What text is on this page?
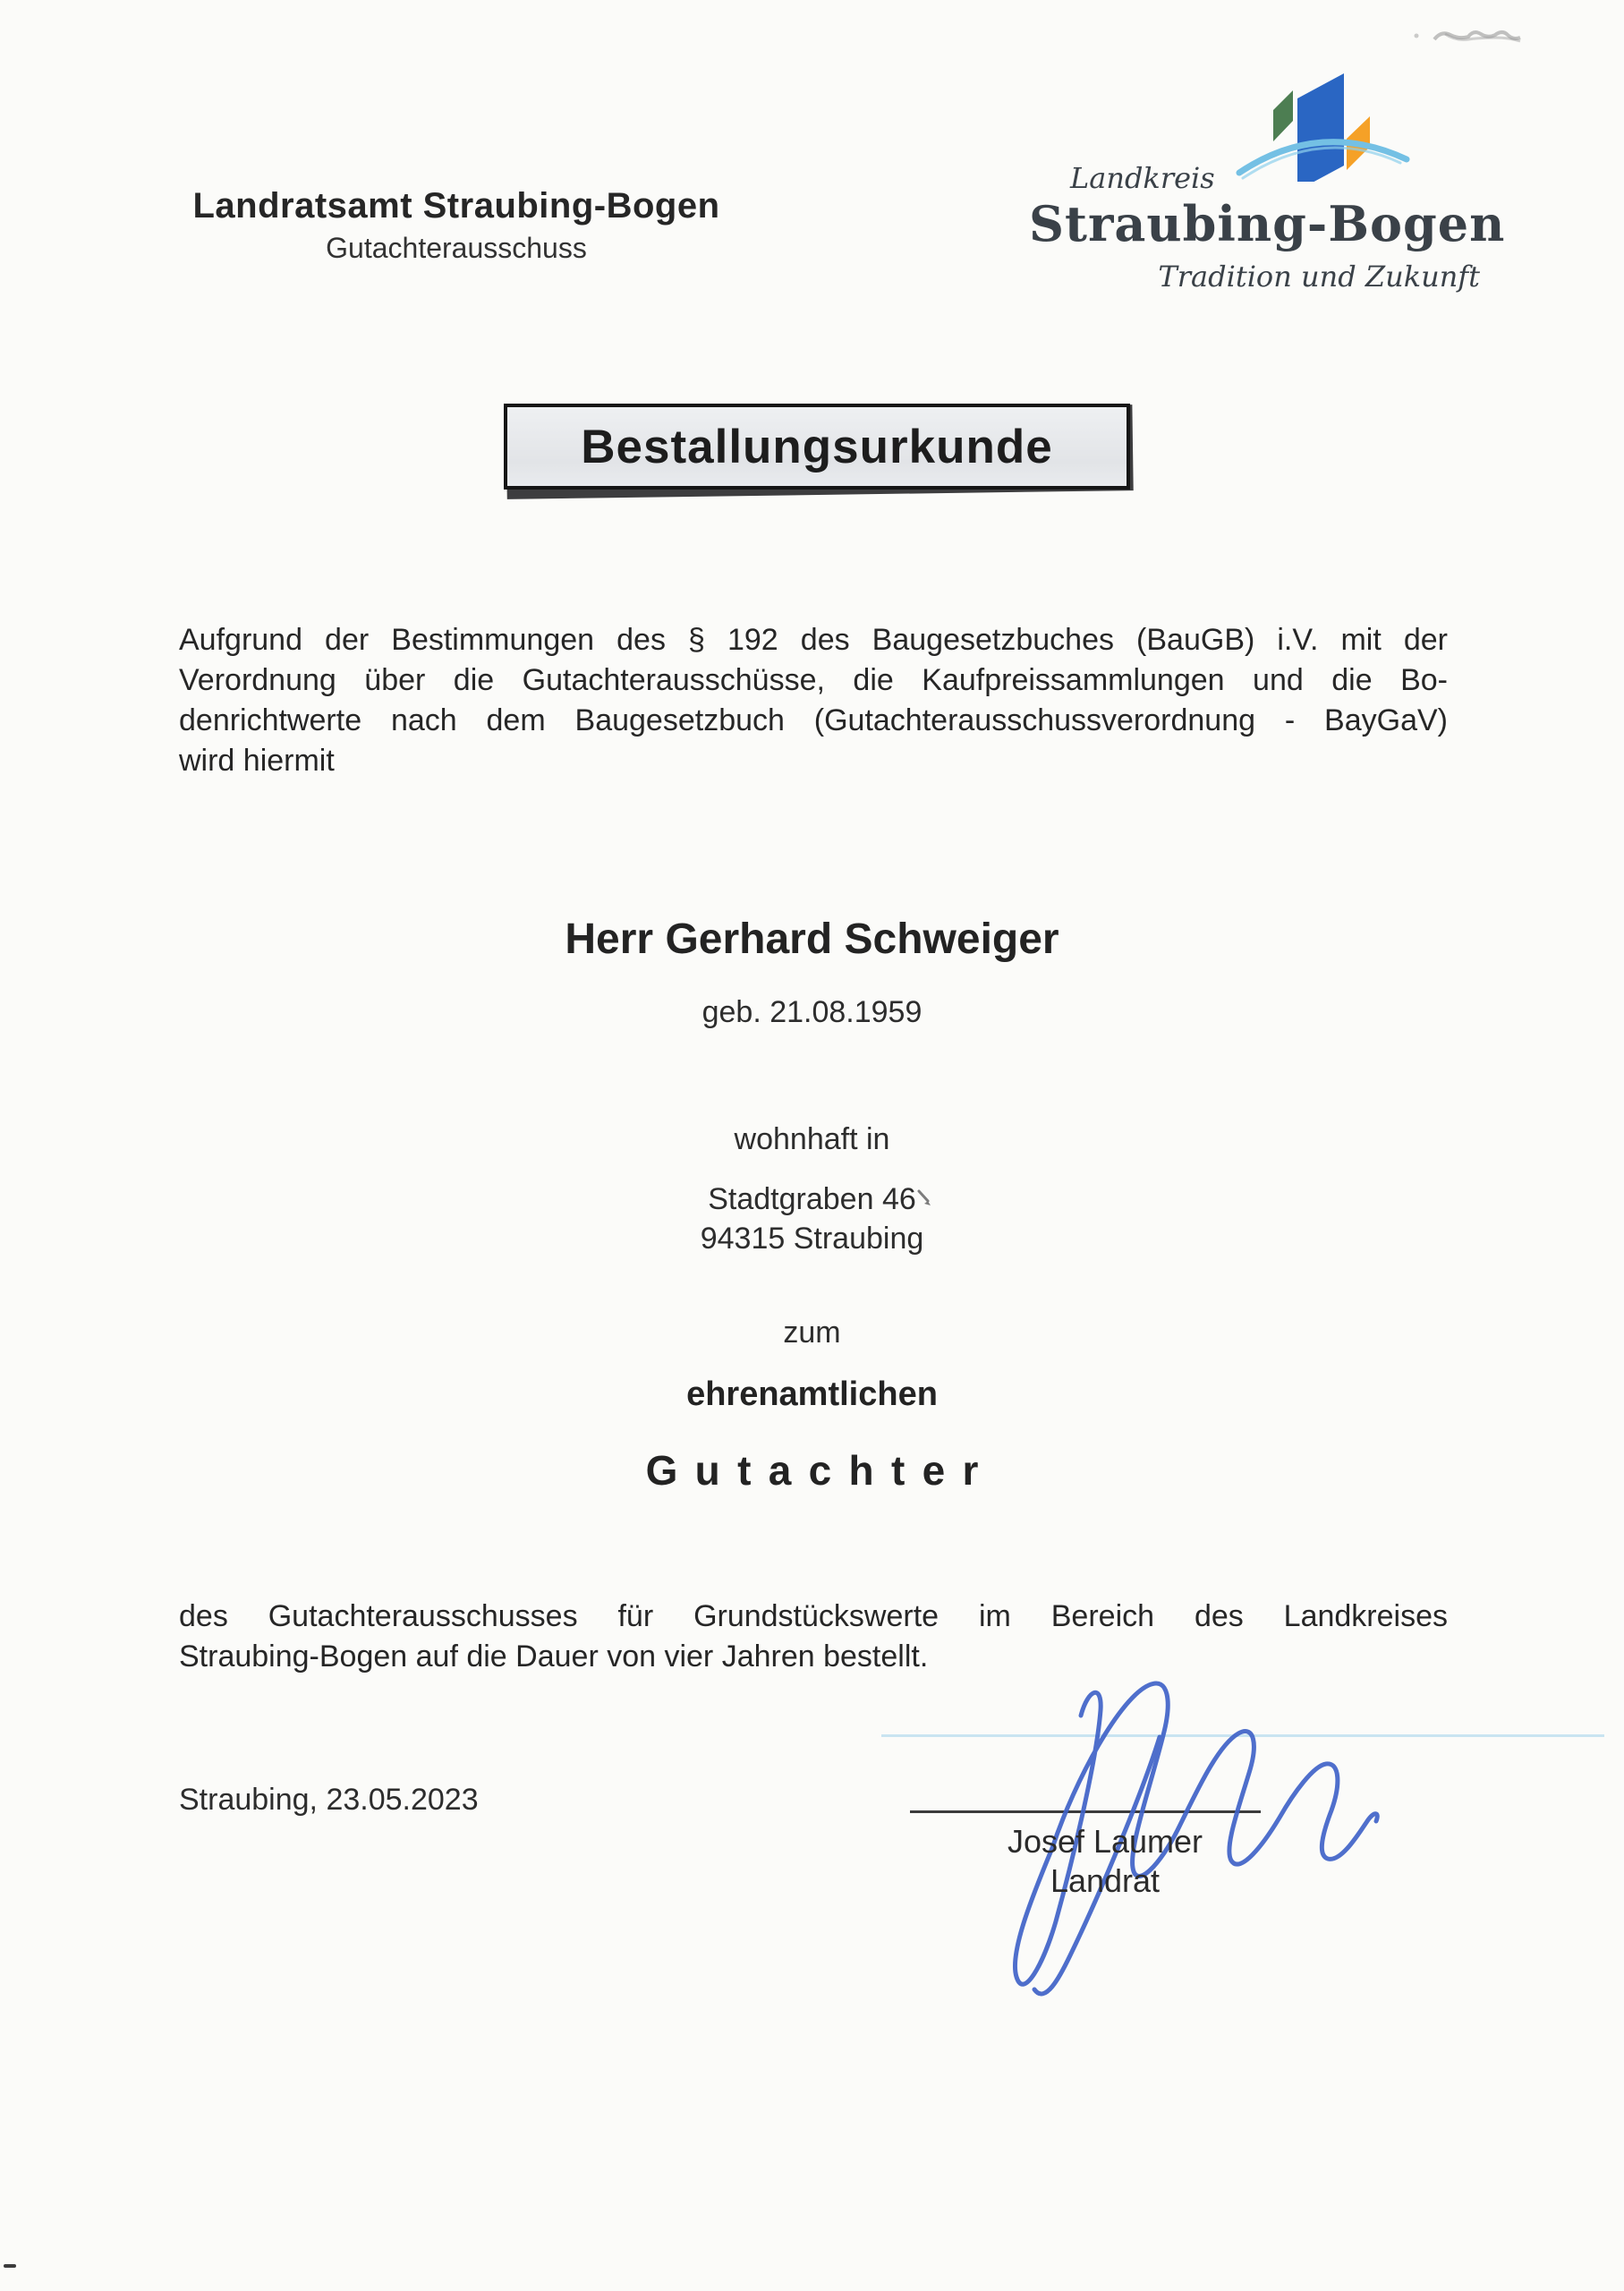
Landratsamt Straubing-Bogen
Gutachterausschuss
Landkreis
Straubing-Bogen
Tradition und Zukunft
Bestallungsurkunde
Aufgrund der Bestimmungen des § 192 des Baugesetzbuches (BauGB) i.V. mit der
Verordnung über die Gutachterausschüsse, die Kaufpreissammlungen und die Bo-
denrichtwerte nach dem Baugesetzbuch (Gutachterausschussverordnung - BayGaV)
wird hiermit
Herr Gerhard Schweiger
geb. 21.08.1959
wohnhaft in
Stadtgraben 46
94315 Straubing
zum
ehrenamtlichen
Gutachter
des Gutachterausschusses für Grundstückswerte im Bereich des Landkreises
Straubing-Bogen auf die Dauer von vier Jahren bestellt.
Straubing, 23.05.2023
Josef Laumer
Landrat
